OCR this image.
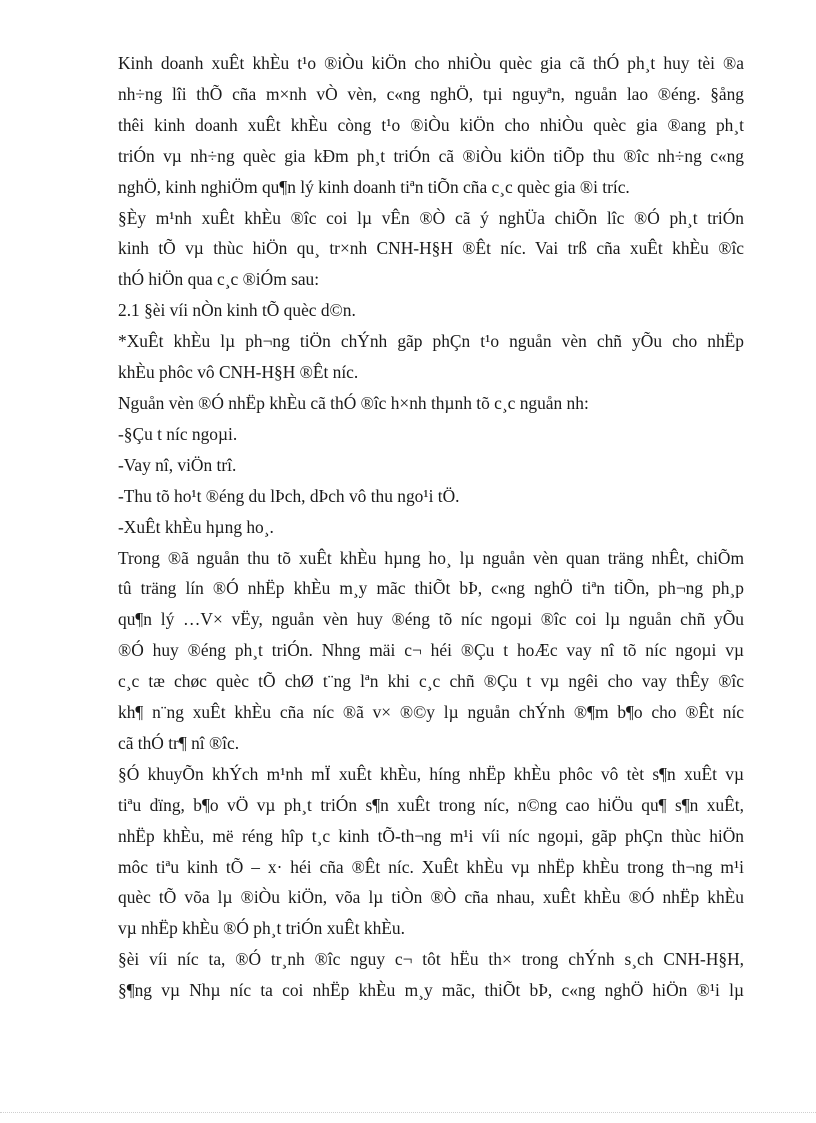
Kinh doanh xuÊt khÈu t¹o ®iÒu kiÖn cho nhiÒu quèc gia cã thÓ ph¸t huy tèi ®a
nh÷ng lîi thÕ cña m×nh vÒ vèn, c«ng nghÖ, tµi nguyªn, nguån lao ®éng. §ång
thêi kinh doanh xuÊt khÈu còng t¹o ®iÒu kiÖn cho nhiÒu quèc gia ®ang ph¸t
triÓn vµ nh÷ng quèc gia kÐm ph¸t triÓn cã ®iÒu kiÖn tiÕp thu ®îc nh÷ng c«ng
nghÖ, kinh nghiÖm qu¶n lý kinh doanh tiªn tiÕn cña c¸c quèc gia ®i tríc.
§Èy m¹nh xuÊt khÈu ®îc coi lµ vÊn ®Ò cã ý nghÜa chiÕn lîc ®Ó ph¸t triÓn
kinh tÕ vµ thùc hiÖn qu¸ tr×nh CNH-H§H ®Êt níc. Vai trß cña xuÊt khÈu ®îc
thÓ hiÖn qua c¸c ®iÓm sau:
2.1 §èi víi nÒn kinh tÕ quèc d©n.
*XuÊt khÈu lµ ph¬ng tiÖn chÝnh gãp phÇn t¹o nguån vèn chñ yÕu cho nhËp
khÈu phôc vô CNH-H§H ®Êt níc.
Nguån vèn ®Ó nhËp khÈu cã thÓ ®îc h×nh thµnh tõ c¸c nguån nh:
-§Çu t níc ngoµi.
-Vay nî, viÖn trî.
-Thu tõ ho¹t ®éng du lÞch, dÞch vô thu ngo¹i tÖ.
-XuÊt khÈu hµng ho¸.
Trong ®ã nguån thu tõ xuÊt khÈu hµng ho¸ lµ nguån vèn quan träng nhÊt, chiÕm
tû träng lín ®Ó nhËp khÈu m¸y mãc thiÕt bÞ, c«ng nghÖ tiªn tiÕn, ph¬ng ph¸p
qu¶n lý …V× vËy, nguån vèn huy ®éng tõ níc ngoµi ®îc coi lµ nguån chñ yÕu
®Ó huy ®éng ph¸t triÓn. Nhng mäi c¬ héi ®Çu t hoÆc vay nî tõ níc ngoµi vµ
c¸c tæ chøc quèc tÕ chØ t¨ng lªn khi c¸c chñ ®Çu t vµ ngêi cho vay thÊy ®îc
kh¶ n¨ng xuÊt khÈu cña níc ®ã v× ®©y lµ nguån chÝnh ®¶m b¶o cho ®Êt níc
cã thÓ tr¶ nî ®îc.
§Ó khuyÕn khÝch m¹nh mÏ xuÊt khÈu, híng nhËp khÈu phôc vô tèt s¶n xuÊt vµ
tiªu dïng, b¶o vÖ vµ ph¸t triÓn s¶n xuÊt trong níc, n©ng cao hiÖu qu¶ s¶n xuÊt,
nhËp khÈu, më réng hîp t¸c kinh tÕ-th¬ng m¹i víi níc ngoµi, gãp phÇn thùc hiÖn
môc tiªu kinh tÕ – x· héi cña ®Êt níc. XuÊt khÈu vµ nhËp khÈu trong th¬ng m¹i
quèc tÕ võa lµ ®iÒu kiÖn, võa lµ tiÒn ®Ò cña nhau, xuÊt khÈu ®Ó nhËp khÈu
vµ nhËp khÈu ®Ó ph¸t triÓn xuÊt khÈu.
§èi víi níc ta, ®Ó tr¸nh ®îc nguy c¬ tôt hËu th× trong chÝnh s¸ch CNH-H§H,
§¶ng vµ Nhµ níc ta coi nhËp khÈu m¸y mãc, thiÕt bÞ, c«ng nghÖ hiÖn ®¹i lµ
